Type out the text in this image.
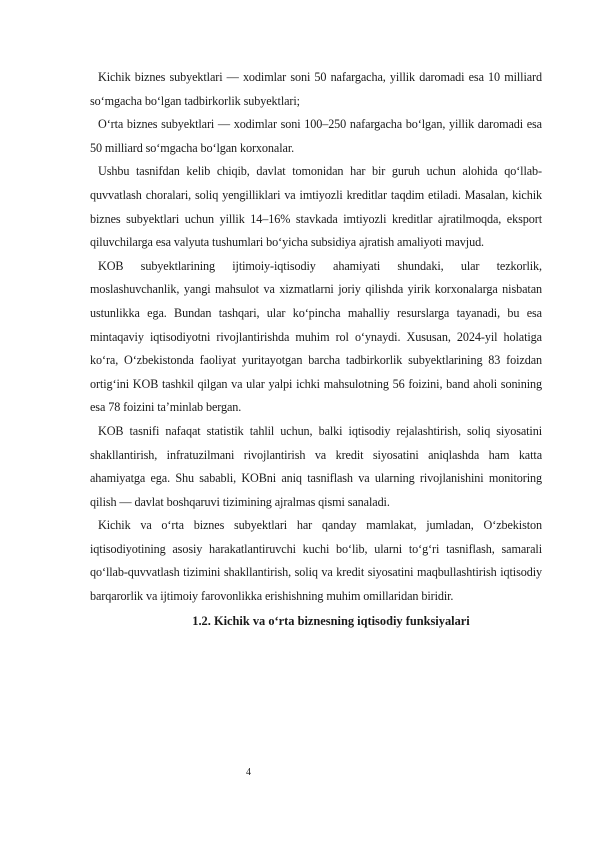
Kichik biznes subyektlari — xodimlar soni 50 nafargacha, yillik daromadi esa 10 milliard so‘mgacha bo‘lgan tadbirkorlik subyektlari;

O‘rta biznes subyektlari — xodimlar soni 100–250 nafargacha bo‘lgan, yillik daromadi esa 50 milliard so‘mgacha bo‘lgan korxonalar.

Ushbu tasnifdan kelib chiqib, davlat tomonidan har bir guruh uchun alohida qo‘llab-quvvatlash choralari, soliq yengilliklari va imtiyozli kreditlar taqdim etiladi. Masalan, kichik biznes subyektlari uchun yillik 14–16% stavkada imtiyozli kreditlar ajratilmoqda, eksport qiluvchilarga esa valyuta tushumlari bo‘yicha subsidiya ajratish amaliyoti mavjud.

KOB subyektlarining ijtimoiy-iqtisodiy ahamiyati shundaki, ular tezkorlik, moslashuvchanlik, yangi mahsulot va xizmatlarni joriy qilishda yirik korxonalarga nisbatan ustunlikka ega. Bundan tashqari, ular ko‘pincha mahalliy resurslarga tayanadi, bu esa mintaqaviy iqtisodiyotni rivojlantirishda muhim rol o‘ynaydi. Xususan, 2024-yil holatiga ko‘ra, O‘zbekistonda faoliyat yuritayotgan barcha tadbirkorlik subyektlarining 83 foizdan ortig‘ini KOB tashkil qilgan va ular yalpi ichki mahsulotning 56 foizini, band aholi sonining esa 78 foizini ta’minlab bergan.

KOB tasnifi nafaqat statistik tahlil uchun, balki iqtisodiy rejalashtirish, soliq siyosatini shakllantirish, infratuzilmani rivojlantirish va kredit siyosatini aniqlashda ham katta ahamiyatga ega. Shu sababli, KOBni aniq tasniflash va ularning rivojlanishini monitoring qilish — davlat boshqaruvi tizimining ajralmas qismi sanaladi.

Kichik va o‘rta biznes subyektlari har qanday mamlakat, jumladan, O‘zbekiston iqtisodiyotining asosiy harakatlantiruvchi kuchi bo‘lib, ularni to‘g‘ri tasniflash, samarali qo‘llab-quvvatlash tizimini shakllantirish, soliq va kredit siyosatini maqbullashtirish iqtisodiy barqarorlik va ijtimoiy farovonlikka erishishning muhim omillaridan biridir.

1.2. Kichik va o‘rta biznesning iqtisodiy funksiyalari

4
